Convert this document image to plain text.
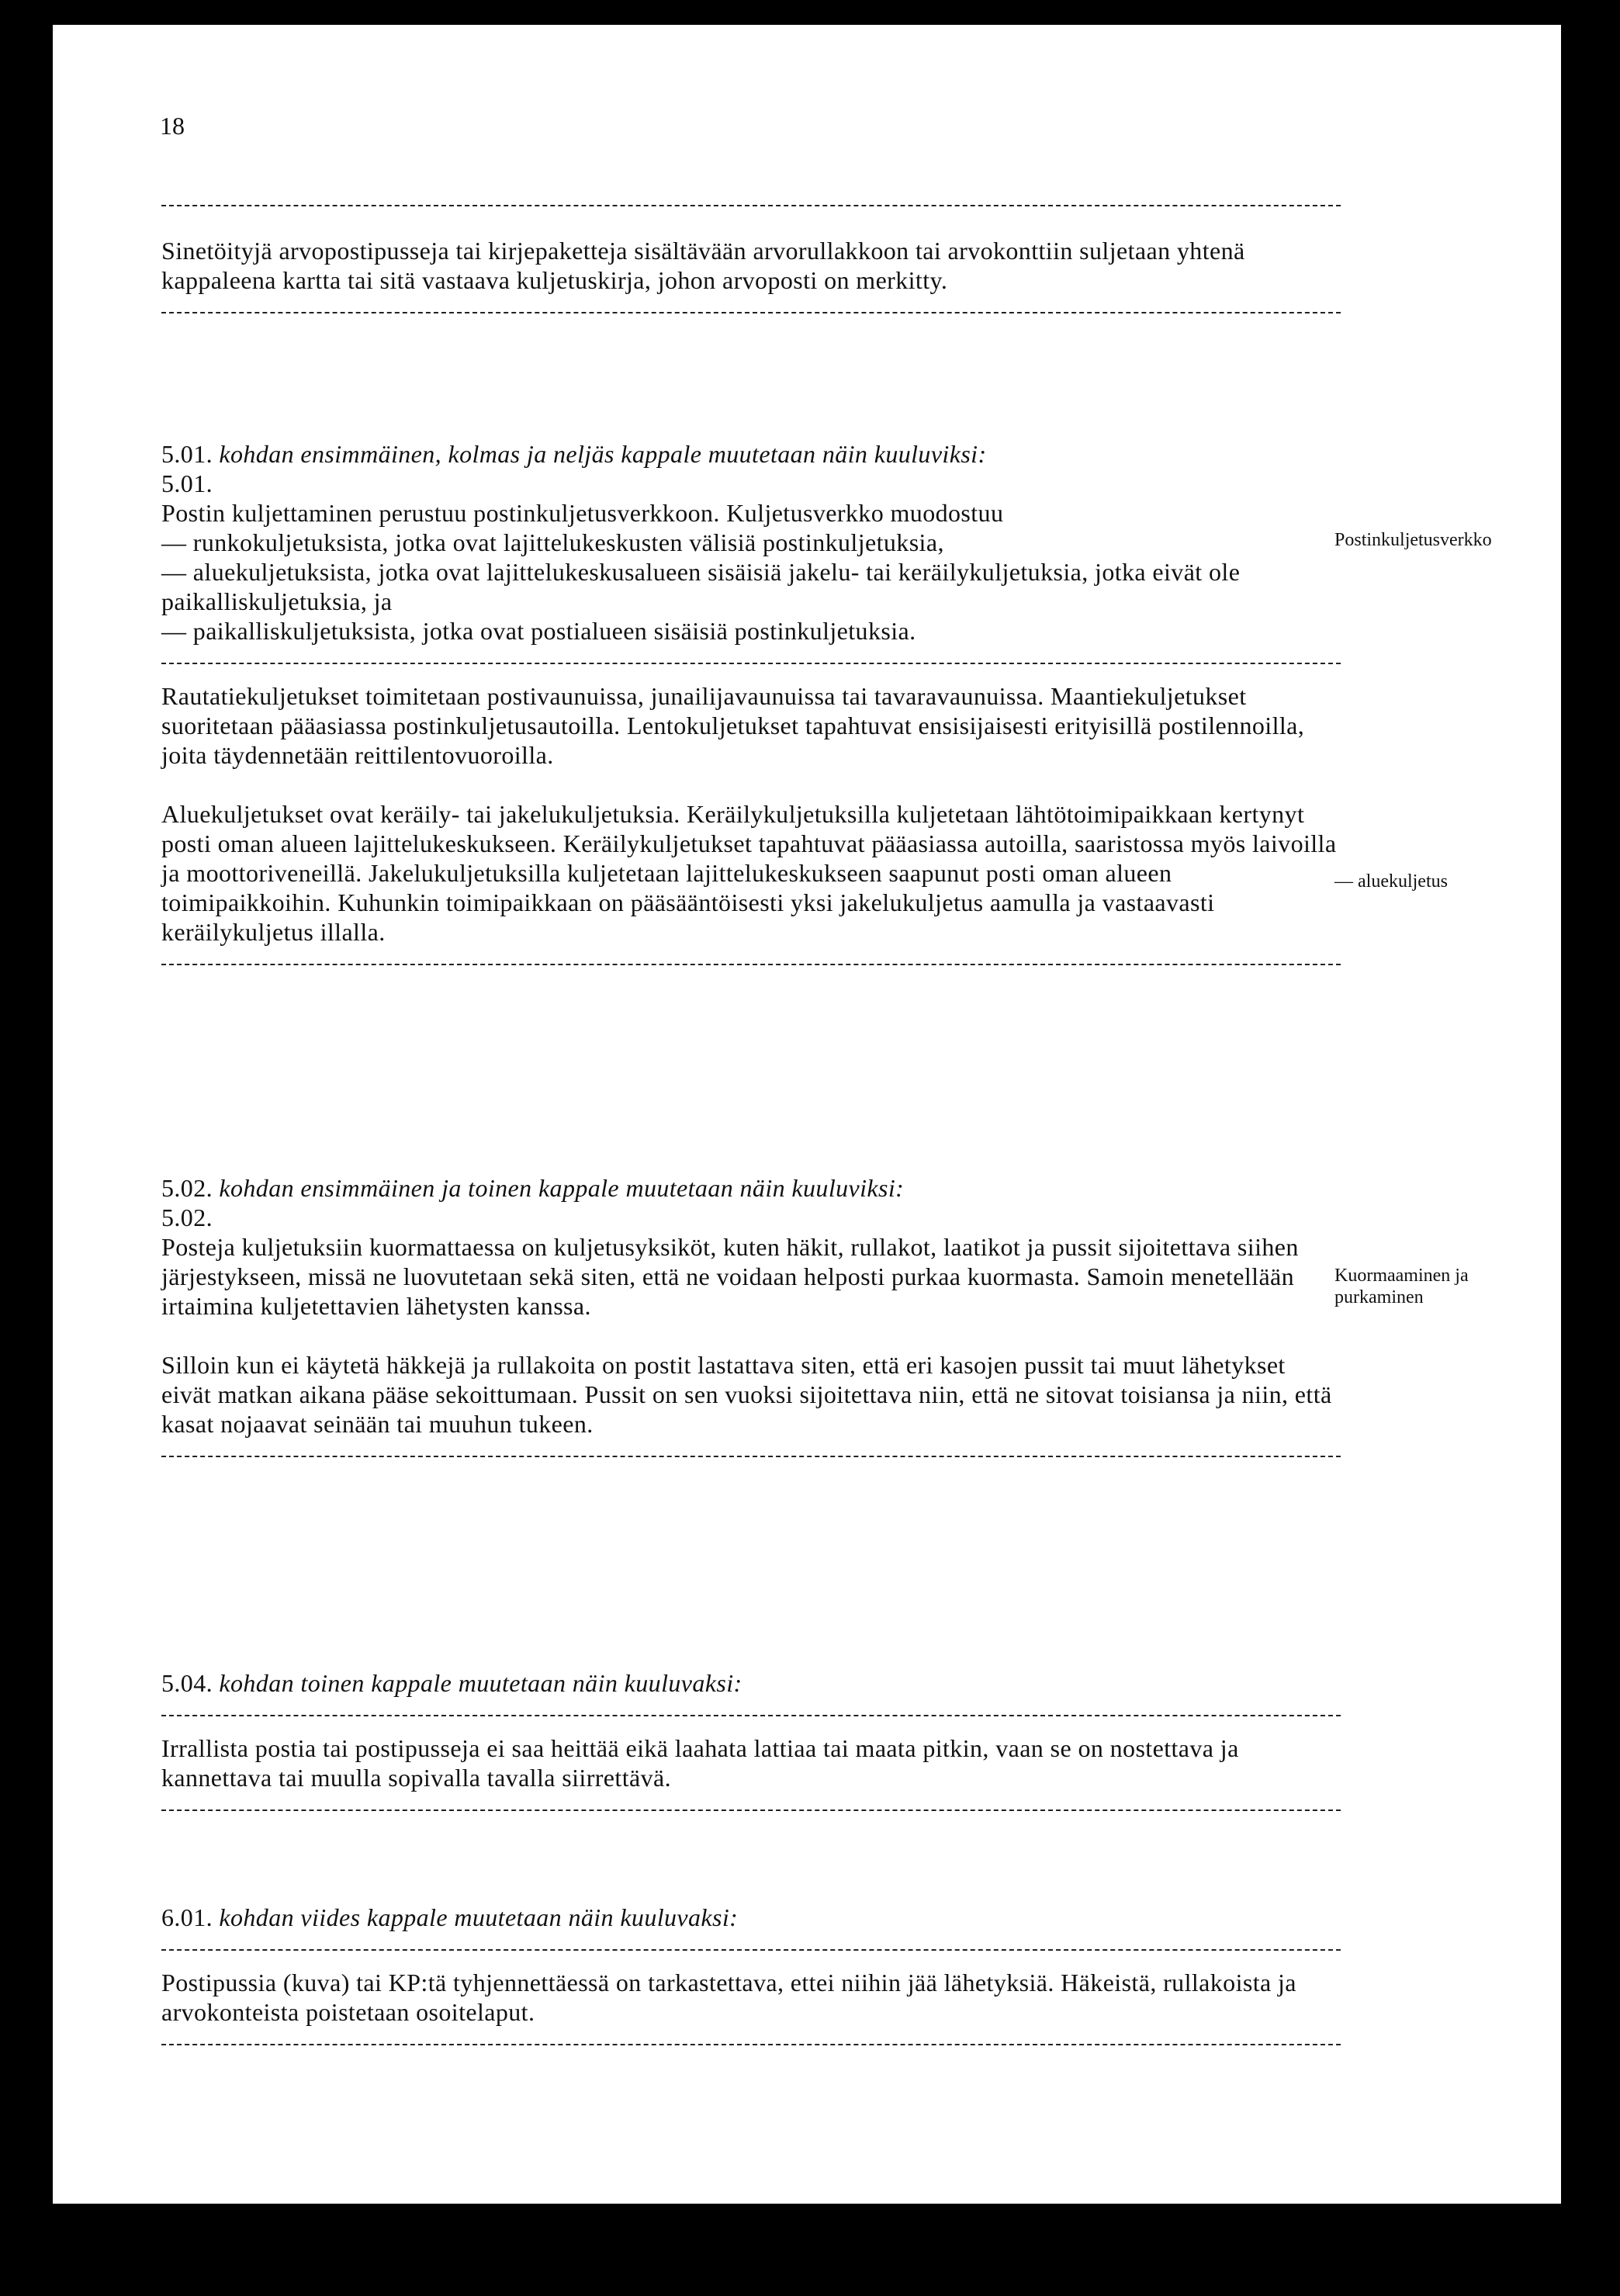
18

Sinetöityjä arvopostipusseja tai kirjepaketteja sisältävään arvorullakkoon tai arvokonttiin suljetaan yhtenä kappaleena kartta tai sitä vastaava kuljetuskirja, johon arvoposti on merkitty.

5.01. kohdan ensimmäinen, kolmas ja neljäs kappale muutetaan näin kuuluviksi:

5.01.

Postin kuljettaminen perustuu postinkuljetusverkkoon. Kuljetusverkko muodostuu

— runkokuljetuksista, jotka ovat lajittelukeskusten välisiä postinkuljetuksia,

— aluekuljetuksista, jotka ovat lajittelukeskusalueen sisäisiä jakelu- tai keräilykuljetuksia, jotka eivät ole paikalliskuljetuksia, ja

— paikalliskuljetuksista, jotka ovat postialueen sisäisiä postinkuljetuksia.

Rautatiekuljetukset toimitetaan postivaunuissa, junailijavaunuissa tai tavaravaunuissa. Maantiekuljetukset suoritetaan pääasiassa postinkuljetusautoilla. Lentokuljetukset tapahtuvat ensisijaisesti erityisillä postilennoilla, joita täydennetään reittilentovuoroilla.

Aluekuljetukset ovat keräily- tai jakelukuljetuksia. Keräilykuljetuksilla kuljetetaan lähtötoimipaikkaan kertynyt posti oman alueen lajittelukeskukseen. Keräilykuljetukset tapahtuvat pääasiassa autoilla, saaristossa myös laivoilla ja moottoriveneillä. Jakelukuljetuksilla kuljetetaan lajittelukeskukseen saapunut posti oman alueen toimipaikkoihin. Kuhunkin toimipaikkaan on pääsääntöisesti yksi jakelukuljetus aamulla ja vastaavasti keräilykuljetus illalla.

Postinkuljetusverkko
— aluekuljetus

5.02. kohdan ensimmäinen ja toinen kappale muutetaan näin kuuluviksi:

5.02.

Posteja kuljetuksiin kuormattaessa on kuljetusyksiköt, kuten häkit, rullakot, laatikot ja pussit sijoitettava siihen järjestykseen, missä ne luovutetaan sekä siten, että ne voidaan helposti purkaa kuormasta. Samoin menetellään irtaimina kuljetettavien lähetysten kanssa.

Silloin kun ei käytetä häkkejä ja rullakoita on postit lastattava siten, että eri kasojen pussit tai muut lähetykset eivät matkan aikana pääse sekoittumaan. Pussit on sen vuoksi sijoitettava niin, että ne sitovat toisiansa ja niin, että kasat nojaavat seinään tai muuhun tukeen.

Kuormaaminen ja purkaminen

5.04. kohdan toinen kappale muutetaan näin kuuluvaksi:

Irrallista postia tai postipusseja ei saa heittää eikä laahata lattiaa tai maata pitkin, vaan se on nostettava ja kannettava tai muulla sopivalla tavalla siirrettävä.

6.01. kohdan viides kappale muutetaan näin kuuluvaksi:

Postipussia (kuva) tai KP:tä tyhjennettäessä on tarkastettava, ettei niihin jää lähetyksiä. Häkeistä, rullakoista ja arvokonteista poistetaan osoitelaput.
